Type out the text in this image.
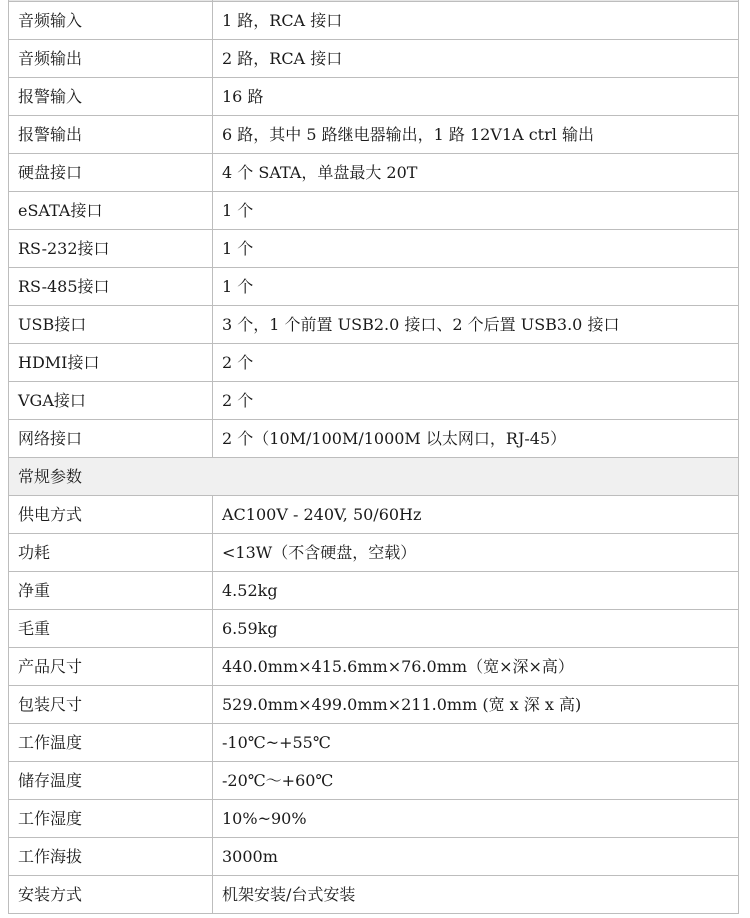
音频输入	1 路，RCA 接口
音频输出	2 路，RCA 接口
报警输入	16 路
报警输出	6 路，其中 5 路继电器输出，1 路 12V1A ctrl 输出
硬盘接口	4 个 SATA，单盘最大 20T
eSATA接口	1 个
RS-232接口	1 个
RS-485接口	1 个
USB接口	3 个，1 个前置 USB2.0 接口、2 个后置 USB3.0 接口
HDMI接口	2 个
VGA接口	2 个
网络接口	2 个（10M/100M/1000M 以太网口，RJ-45）
常规参数	
供电方式	AC100V - 240V, 50/60Hz
功耗	<13W（不含硬盘，空载）
净重	4.52kg
毛重	6.59kg
产品尺寸	440.0mm×415.6mm×76.0mm（宽×深×高）
包装尺寸	529.0mm×499.0mm×211.0mm (宽 x 深 x 高)
工作温度	-10℃~+55℃
储存温度	-20℃～+60℃
工作湿度	10%~90%
工作海拔	3000m
安装方式	机架安装/台式安装
